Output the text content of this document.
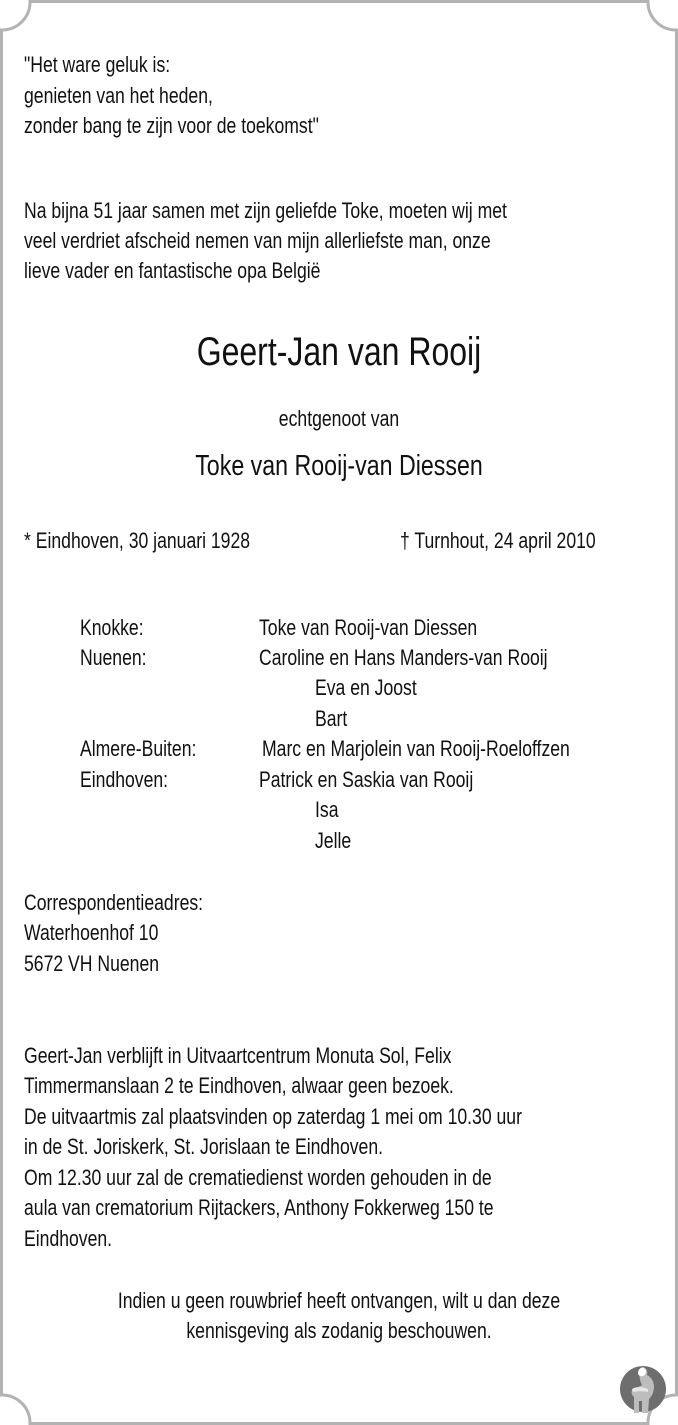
"Het ware geluk is:
genieten van het heden,
zonder bang te zijn voor de toekomst"
Na bijna 51 jaar samen met zijn geliefde Toke, moeten wij met
veel verdriet afscheid nemen van mijn allerliefste man, onze
lieve vader en fantastische opa België
Geert-Jan van Rooij
echtgenoot van
Toke van Rooij-van Diessen
* Eindhoven, 30 januari 1928	† Turnhout, 24 april 2010
Knokke:	Toke van Rooij-van Diessen
Nuenen:	Caroline en Hans Manders-van Rooij
Eva en Joost
Bart
Almere-Buiten:	Marc en Marjolein van Rooij-Roeloffzen
Eindhoven:	Patrick en Saskia van Rooij
Isa
Jelle
Correspondentieadres:
Waterhoenhof 10
5672 VH Nuenen
Geert-Jan verblijft in Uitvaartcentrum Monuta Sol, Felix
Timmermanslaan 2 te Eindhoven, alwaar geen bezoek.
De uitvaartmis zal plaatsvinden op zaterdag 1 mei om 10.30 uur
in de St. Joriskerk, St. Jorislaan te Eindhoven.
Om 12.30 uur zal de crematiedienst worden gehouden in de
aula van crematorium Rijtackers, Anthony Fokkerweg 150 te
Eindhoven.
Indien u geen rouwbrief heeft ontvangen, wilt u dan deze
kennisgeving als zodanig beschouwen.
